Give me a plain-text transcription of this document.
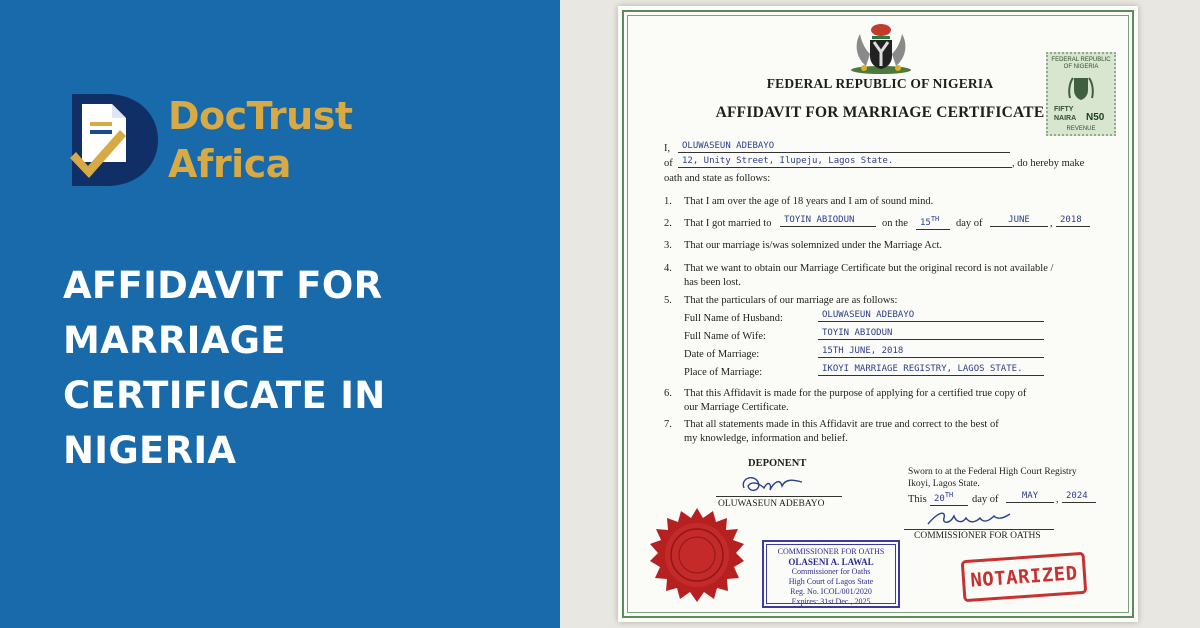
DocTrust
Africa
AFFIDAVIT FOR
MARRIAGE
CERTIFICATE IN
NIGERIA
FEDERAL REPUBLIC
OF NIGERIA
FIFTY
NAIRA N50
REVENUE
FEDERAL REPUBLIC OF NIGERIA
AFFIDAVIT FOR MARRIAGE CERTIFICATE
I,	OLUWASEUN ADEBAYO
of	12, Unity Street, Ilupeju, Lagos State.	, do hereby make
oath and state as follows:
1. That I am over the age of 18 years and I am of sound mind.
2. That I got married to	TOYIN ABIODUN	on the	15TH	day of	JUNE	, 2018
3. That our marriage is/was solemnized under the Marriage Act.
4. That we want to obtain our Marriage Certificate but the original record is not available /
has been lost.
5. That the particulars of our marriage are as follows:
Full Name of Husband:	OLUWASEUN ADEBAYO
Full Name of Wife:	TOYIN ABIODUN
Date of Marriage:	15TH JUNE, 2018
Place of Marriage:	IKOYI MARRIAGE REGISTRY, LAGOS STATE.
6. That this Affidavit is made for the purpose of applying for a certified true copy of
our Marriage Certificate.
7. That all statements made in this Affidavit are true and correct to the best of
my knowledge, information and belief.
DEPONENT
OLUWASEUN ADEBAYO
Sworn to at the Federal High Court Registry
Ikoyi, Lagos State.
This 20TH	day of	MAY	, 2024
COMMISSIONER FOR OATHS
COMMISSIONER FOR OATHS
OLASENI A. LAWAL
Commissioner for Oaths
High Court of Lagos State
Reg. No. ICOL/001/2020
Expires: 31st Dec., 2025
NOTARIZED
